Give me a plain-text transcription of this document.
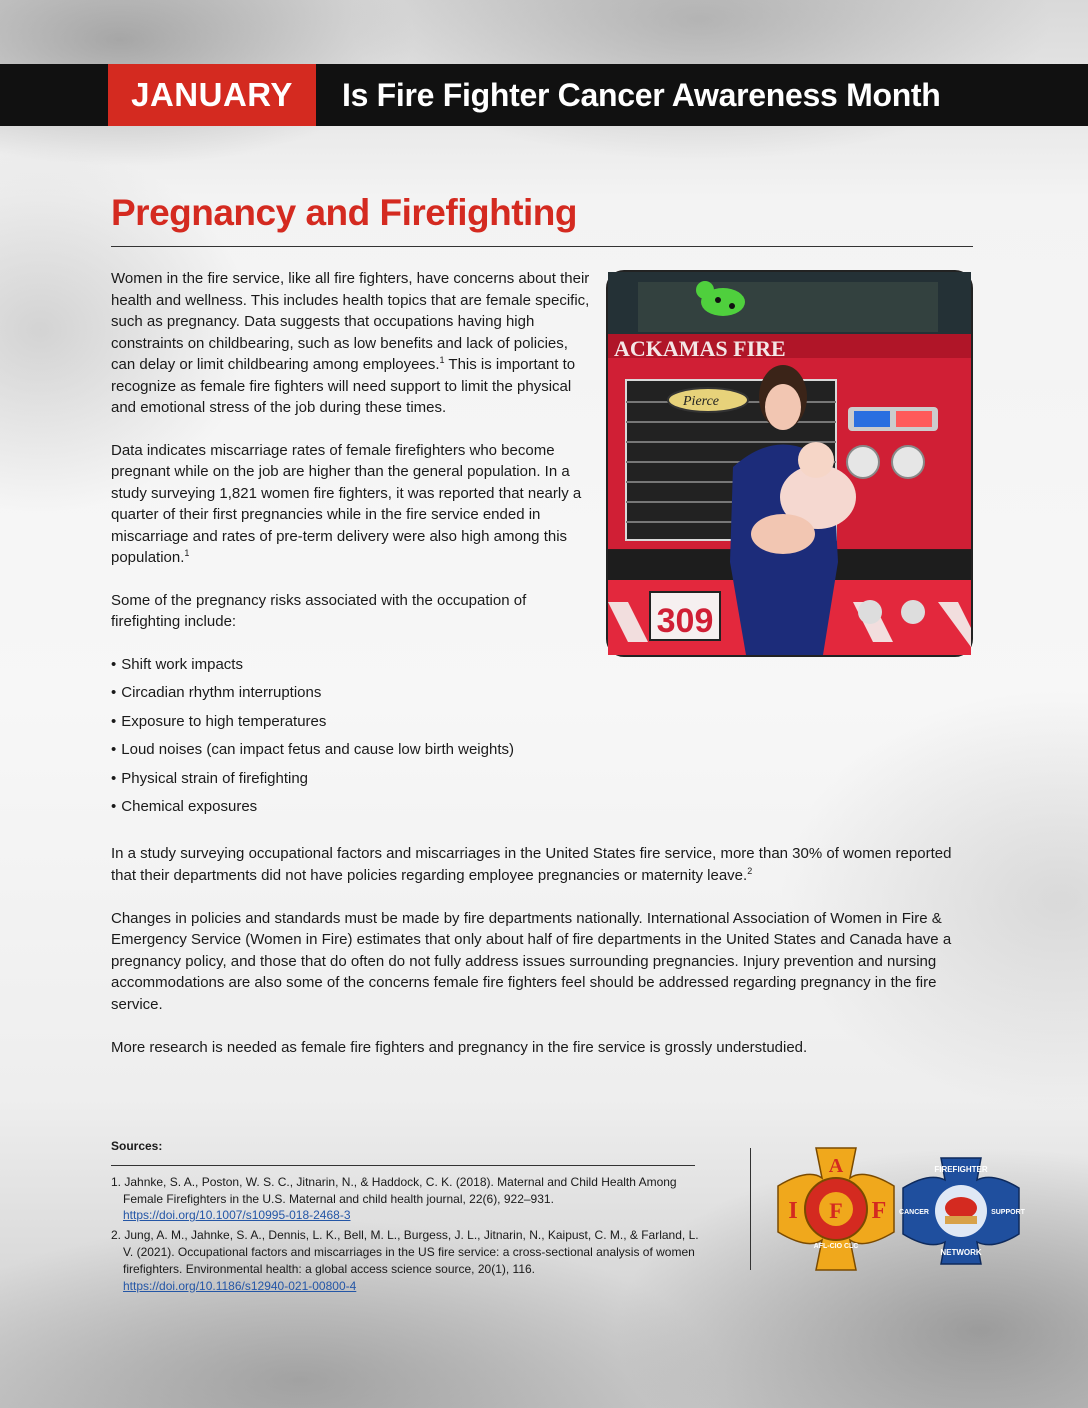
JANUARY	Is Fire Fighter Cancer Awareness Month
Pregnancy and Firefighting

Women in the fire service, like all fire fighters, have concerns about their health and wellness. This includes health topics that are female specific, such as pregnancy. Data suggests that occupations having high constraints on childbearing, such as low benefits and lack of policies, can delay or limit childbearing among employees.$^1$ This is important to recognize as female fire fighters will need support to limit the physical and emotional stress of the job during these times.

Data indicates miscarriage rates of female firefighters who become pregnant while on the job are higher than the general population. In a study surveying 1,821 women fire fighters, it was reported that nearly a quarter of their first pregnancies while in the fire service ended in miscarriage and rates of pre-term delivery were also high among this population.$^1$

Some of the pregnancy risks associated with the occupation of firefighting include:

• Shift work impacts
• Circadian rhythm interruptions
• Exposure to high temperatures
• Loud noises (can impact fetus and cause low birth weights)
• Physical strain of firefighting
• Chemical exposures
ACKAMAS FIRE
Pierce
309

In a study surveying occupational factors and miscarriages in the United States fire service, more than 30% of women reported that their departments did not have policies regarding employee pregnancies or maternity leave.$^2$

Changes in policies and standards must be made by fire departments nationally. International Association of Women in Fire & Emergency Service (Women in Fire) estimates that only about half of fire departments in the United States and Canada have a pregnancy policy, and those that do often do not fully address issues surrounding pregnancies. Injury prevention and nursing accommodations are also some of the concerns female fire fighters feel should be addressed regarding pregnancy in the fire service.

More research is needed as female fire fighters and pregnancy in the fire service is grossly understudied.

Sources:

1. Jahnke, S. A., Poston, W. S. C., Jitnarin, N., & Haddock, C. K. (2018). Maternal and Child Health Among Female Firefighters in the U.S. Maternal and child health journal, 22(6), 922–931.
https://doi.org/10.1007/s10995-018-2468-3
2. Jung, A. M., Jahnke, S. A., Dennis, L. K., Bell, M. L., Burgess, J. L., Jitnarin, N., Kaipust, C. M., & Farland, L. V. (2021). Occupational factors and miscarriages in the US fire service: a cross-sectional analysis of women firefighters. Environmental health: a global access science source, 20(1), 116.
https://doi.org/10.1186/s12940-021-00800-4
A
I F F
AFL-CIO CLC
FIREFIGHTER
CANCER	SUPPORT
NETWORK
